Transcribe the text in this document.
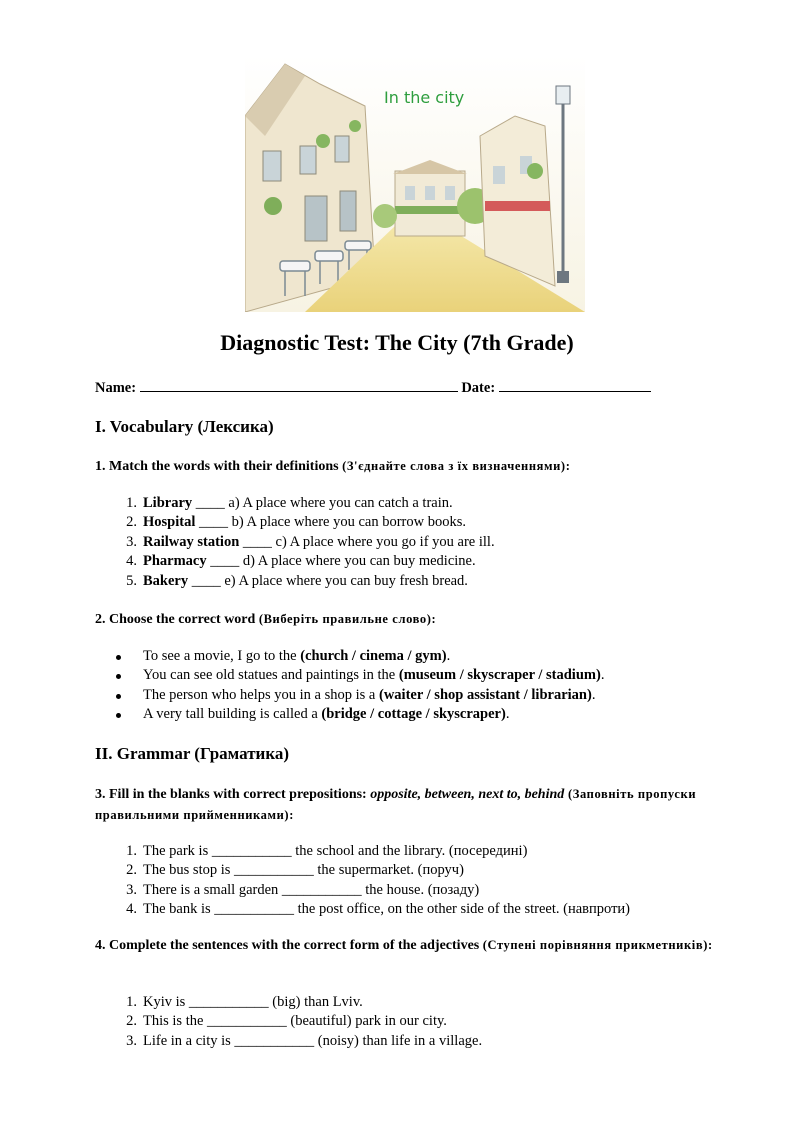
In the city
Diagnostic Test: The City (7th Grade)
Name:	Date:
I. Vocabulary (Лексика)
1. Match the words with their definitions (З'єднайте слова з їх визначеннями):
1. Library ____ a) A place where you can catch a train.
2. Hospital ____ b) A place where you can borrow books.
3. Railway station ____ c) A place where you go if you are ill.
4. Pharmacy ____ d) A place where you can buy medicine.
5. Bakery ____ e) A place where you can buy fresh bread.
2. Choose the correct word (Виберіть правильне слово):
To see a movie, I go to the (church / cinema / gym).
You can see old statues and paintings in the (museum / skyscraper / stadium).
The person who helps you in a shop is a (waiter / shop assistant / librarian).
A very tall building is called a (bridge / cottage / skyscraper).
II. Grammar (Граматика)
3. Fill in the blanks with correct prepositions: opposite, between, next to, behind (Заповніть пропуски правильними прийменниками):
1. The park is ___________ the school and the library. (посередині)
2. The bus stop is ___________ the supermarket. (поруч)
3. There is a small garden ___________ the house. (позаду)
4. The bank is ___________ the post office, on the other side of the street. (навпроти)
4. Complete the sentences with the correct form of the adjectives (Ступені порівняння прикметників):
1. Kyiv is ___________ (big) than Lviv.
2. This is the ___________ (beautiful) park in our city.
3. Life in a city is ___________ (noisy) than life in a village.
